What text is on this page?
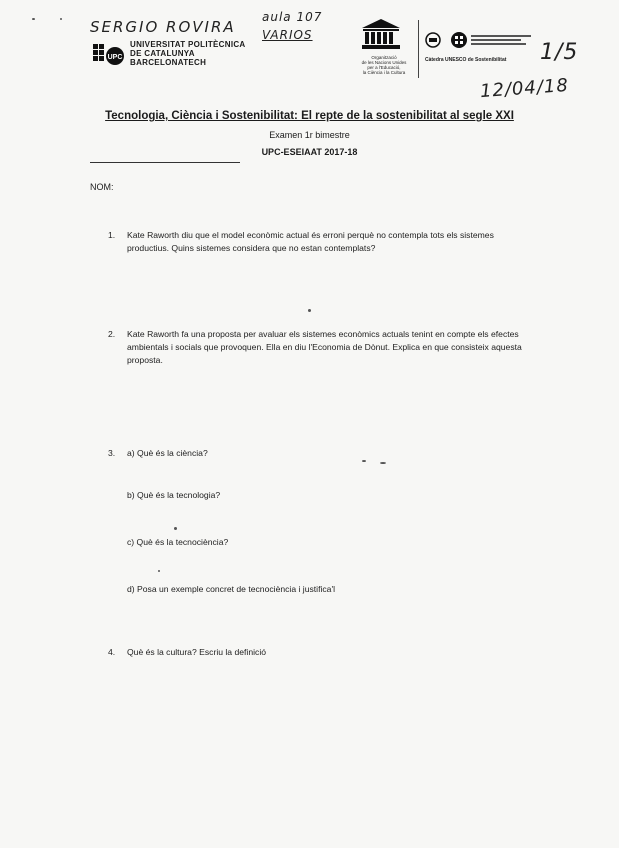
SERGIO ROVIRA
UPC
UNIVERSITAT POLITÈCNICA
DE CATALUNYA
BARCELONATECH
aula 107
VARIOS
Organització
de les Nacions Unides
per a l'Educació,
la Ciència i la Cultura
Càtedra UNESCO de Sostenibilitat 1/5
12/04/18
Tecnologia, Ciència i Sostenibilitat: El repte de la sostenibilitat al segle XXI
Examen 1r bimestre
UPC-ESEIAAT 2017-18
NOM:
1. Kate Raworth diu que el model econòmic actual és erroni perquè no contempla tots els sistemes productius. Quins sistemes considera que no estan contemplats?
2. Kate Raworth fa una proposta per avaluar els sistemes econòmics actuals tenint en compte els efectes ambientals i socials que provoquen. Ella en diu l'Economia de Dònut. Explica en que consisteix aquesta proposta.
3. a) Què és la ciència?
b) Què és la tecnologia?
c) Què és la tecnociència?
d) Posa un exemple concret de tecnociència i justifica'l
4. Què és la cultura? Escriu la definició
